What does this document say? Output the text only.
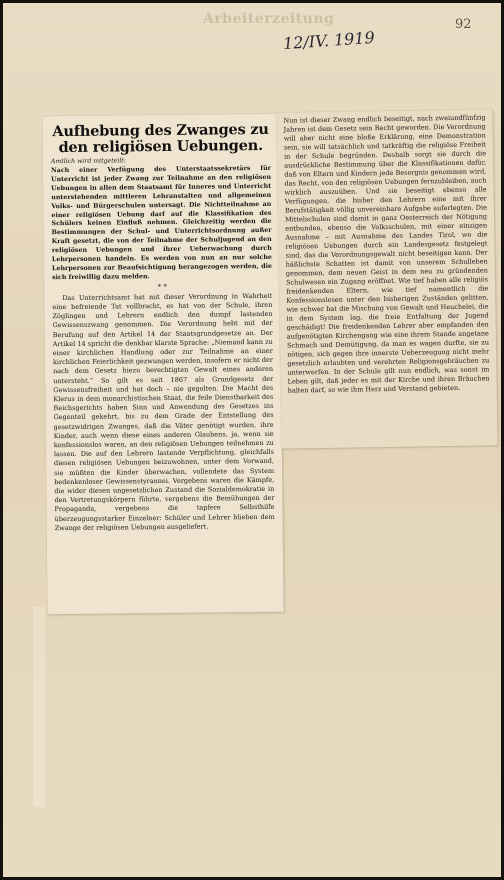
Arbeiterzeitung
12/IV. 1919
92
Aufhebung des Zwanges zu den religiösen Uebungen.
Amtlich wird mitgeteilt:
Nach einer Verfügung des Unterstaatssekretärs für Unterricht ist jeder Zwang zur Teilnahme an den religiösen Uebungen in allen dem Staatsamt für Inneres und Unterricht unterstehenden mittleren Lehranstalten und allgemeinen Volks- und Bürgerschulen untersagt. Die Nichtteilnahme an einer religiösen Uebung darf auf die Klassifikation des Schülers keinen Einfluß nehmen. Gleichzeitig werden die Bestimmungen der Schul- und Unterrichtsordnung außer Kraft gesetzt, die von der Teilnahme der Schuljugend an den religiösen Uebungen und ihrer Ueberwachung durch Lehrpersonen handeln. Es werden von nun an nur solche Lehrpersonen zur Beaufsichtigung herangezogen werden, die sich freiwillig dazu melden.
* *
Das Unterrichtsamt hat mit dieser Verordnung in Wahrheit eine befreiende Tat vollbracht, es hat von der Schule, ihren Zöglingen und Lehrern endlich den dumpf lastenden Gewissenszwang genommen. Die Verordnung hebt mit der Berufung auf den Artikel 14 der Staatsgrundgesetze an. Der Artikel 14 spricht die denkbar klarste Sprache: „Niemand kann zu einer kirchlichen Handlung oder zur Teilnahme an einer kirchlichen Feierlichkeit gezwungen werden, insofern er nicht der nach dem Gesetz hiezu berechtigten Gewalt eines anderen untersteht.“ So gilt es seit 1867 als Grundgesetz der Gewissensfreiheit und hat doch – nie gegolten. Die Macht des Klerus in dem monarchistischen Staat, die feile Dienstbarkeit des Reichsgerichts haben Sinn und Anwendung des Gesetzes ins Gegenteil gekehrt, bis zu dem Grade der Entstellung des gesetzwidrigen Zwanges, daß die Väter genötigt wurden, ihre Kinder, auch wenn diese eines anderen Glaubens, ja, wenn sie konfessionslos waren, an den religiösen Uebungen teilnehmen zu lassen. Die auf den Lehrern lastende Verpflichtung, gleichfalls diesen religiösen Uebungen beizuwohnen, unter dem Vorwand, sie müßten die Kinder überwachen, vollendete das System bedenkenloser Gewissenstyrannei. Vergebens waren die Kämpfe, die wider diesen ungesetzlichen Zustand die Sozialdemokratie in den Vertretungskörpern führte, vergebens die Bemühungen der Propaganda, vergebens die tapfere Selbsthilfe überzeugungsstarker Einzelner: Schüler und Lehrer blieben dem Zwange der religiösen Uebungen ausgeliefert.
Nun ist dieser Zwang endlich beseitigt, nach zweiundfünfzig Jahren ist dem Gesetz sein Recht geworden. Die Verordnung will aber nicht eine bloße Erklärung, eine Demonstration sein, sie will tatsächlich und tatkräftig die religiöse Freiheit in der Schule begründen. Deshalb sorgt sie durch die ausdrückliche Bestimmung über die Klassifikationen dafür, daß von Eltern und Kindern jede Besorgnis genommen wird, das Recht, von den religiösen Uebungen fernzubleiben, auch wirklich auszuüben. Und sie beseitigt ebenso alle Verfügungen, die bisher den Lehrern eine mit ihrer Berufstätigkeit völlig unvereinbare Aufgabe auferlegten. Die Mittelschulen sind damit in ganz Oesterreich der Nötigung entbunden, ebenso die Volksschulen, mit einer einzigen Ausnahme – mit Ausnahme des Landes Tirol, wo die religiösen Uebungen durch ein Landesgesetz festgelegt sind, das die Verordnungsgewalt nicht beseitigen kann. Der häßlichste Schatten ist damit von unserem Schulleben genommen, dem neuen Geist in dem neu zu gründenden Schulwesen ein Zugang eröffnet. Wie tief haben alle religiös freidenkenden Eltern, wie tief namentlich die Konfessionslosen unter den bisherigen Zuständen gelitten, wie schwer hat die Mischung von Gewalt und Heuchelei, die in dem System lag, die freie Entfaltung der Jugend geschädigt! Die freidenkenden Lehrer aber empfanden den aufgenötigten Kirchengang wie eine ihrem Stande angetane Schmach und Demütigung, da man es wagen durfte, sie zu nötigen, sich gegen ihre innerste Ueberzeugung nicht mehr gesetzlich erlaubten und verehrten Religionsgebräuchen zu unterwerfen. In der Schule gilt nun endlich, was sonst im Leben gilt, daß jeder es mit der Kirche und ihren Bräuchen halten darf, so wie ihm Herz und Verstand gebieten.
